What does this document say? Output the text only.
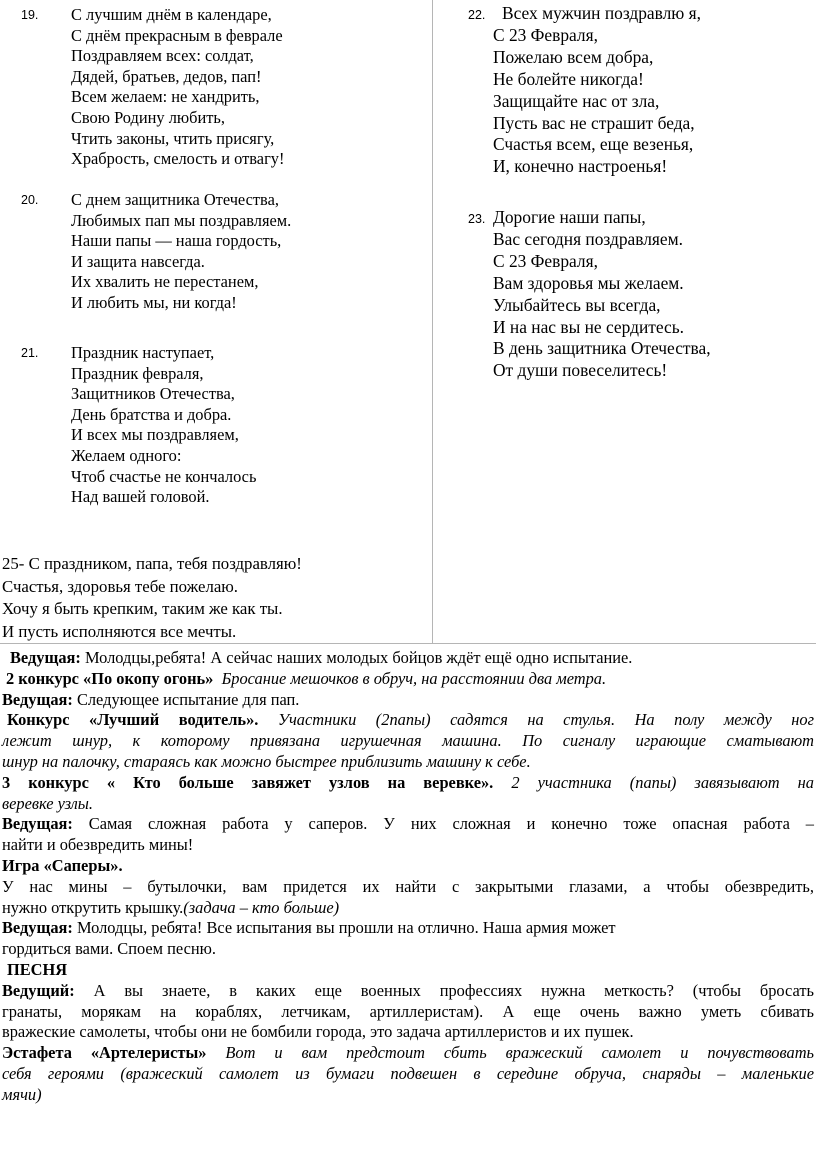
19. С лучшим днём в календаре,
С днём прекрасным в феврале
Поздравляем всех: солдат,
Дядей, братьев, дедов, пап!
Всем желаем: не хандрить,
Свою Родину любить,
Чтить законы, чтить присягу,
Храбрость, смелость и отвагу!
20. С днем защитника Отечества,
Любимых пап мы поздравляем.
Наши папы — наша гордость,
И защита навсегда.
Их хвалить не перестанем,
И любить мы, ни когда!
21. Праздник наступает,
Праздник февраля,
Защитников Отечества,
День братства и добра.
И всех мы поздравляем,
Желаем одного:
Чтоб счастье не кончалось
Над вашей головой.
22. Всех мужчин поздравлю я,
С 23 Февраля,
Пожелаю всем добра,
Не болейте никогда!
Защищайте нас от зла,
Пусть вас не страшит беда,
Счастья всем, еще везенья,
И, конечно настроенья!
23. Дорогие наши папы,
Вас сегодня поздравляем.
С 23 Февраля,
Вам здоровья мы желаем.
Улыбайтесь вы всегда,
И на нас вы не сердитесь.
В день защитника Отечества,
От души повеселитесь!
25- С праздником, папа, тебя поздравляю!
Счастья, здоровья тебе пожелаю.
Хочу я быть крепким, таким же как ты.
И пусть исполняются все мечты.

Ведущая: Молодцы,ребята! А сейчас наших молодых бойцов ждёт ещё одно испытание.

2 конкурс «По окопу огонь» Бросание мешочков в обруч, на расстоянии два метра.

Ведущая: Следующее испытание для пап.

Конкурс «Лучший водитель». Участники (2папы) садятся на стулья. На полу между ног
лежит шнур, к которому привязана игрушечная машина. По сигналу играющие сматывают
шнур на палочку, стараясь как можно быстрее приблизить машину к себе.

3 конкурс « Кто больше завяжет узлов на веревке». 2 участника (папы) завязывают на
веревке узлы.

Ведущая: Самая сложная работа у саперов. У них сложная и конечно тоже опасная работа –
найти и обезвредить мины!

Игра «Саперы».

У нас мины – бутылочки, вам придется их найти с закрытыми глазами, а чтобы обезвредить,
нужно открутить крышку.(задача – кто больше)

Ведущая: Молодцы, ребята! Все испытания вы прошли на отлично. Наша армия может
гордиться вами. Споем песню.

ПЕСНЯ

Ведущий: А вы знаете, в каких еще военных профессиях нужна меткость? (чтобы бросать
гранаты, морякам на кораблях, летчикам, артиллеристам). А еще очень важно уметь сбивать
вражеские самолеты, чтобы они не бомбили города, это задача артиллеристов и их пушек.

Эстафета «Артелеристы» Вот и вам предстоит сбить вражеский самолет и почувствовать
себя героями (вражеский самолет из бумаги подвешен в середине обруча, снаряды – маленькие
мячи)
